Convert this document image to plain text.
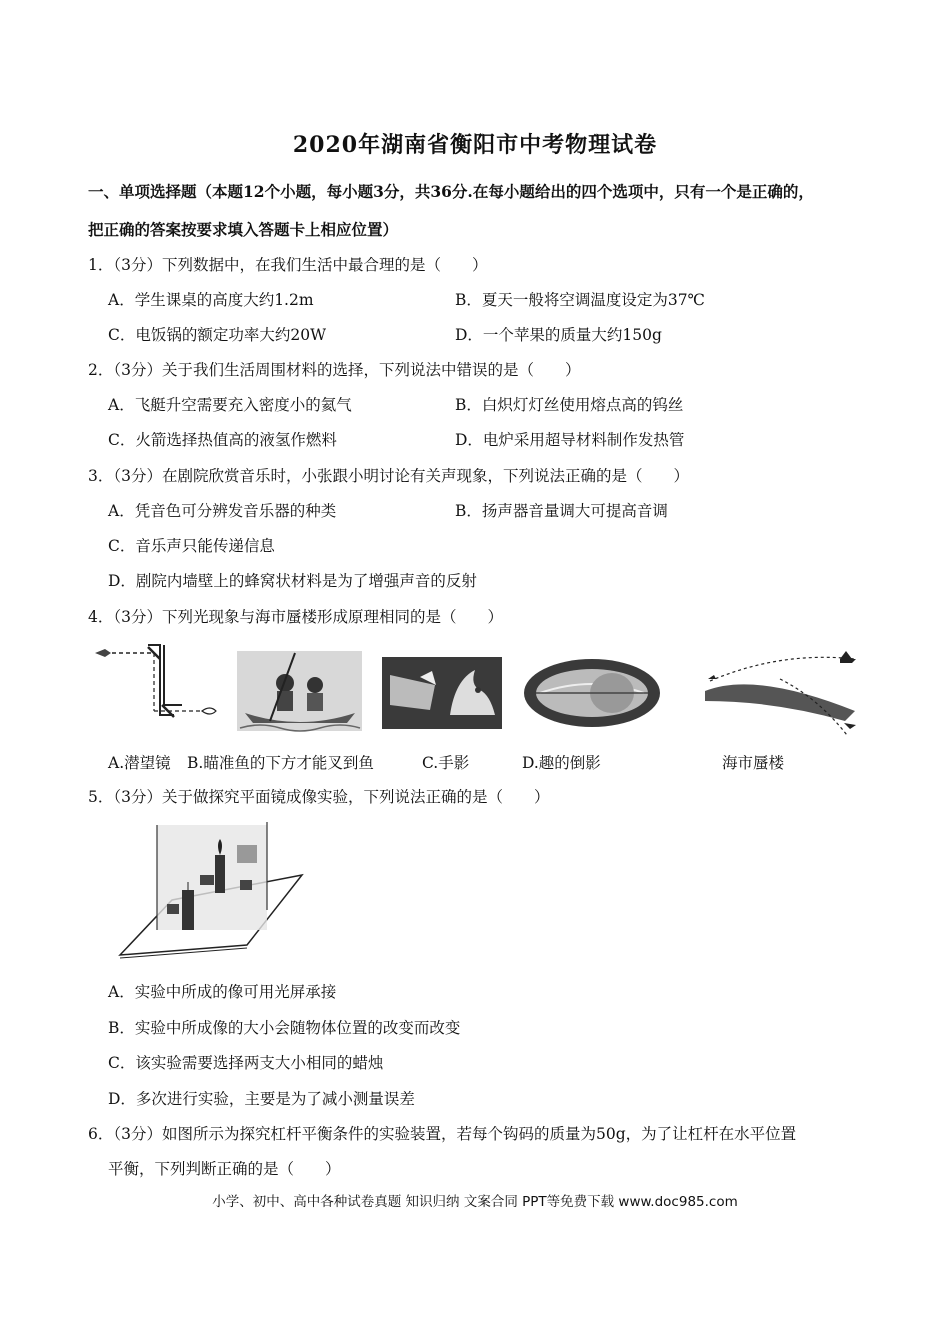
2020年湖南省衡阳市中考物理试卷
一、单项选择题（本题12个小题，每小题3分，共36分.在每小题给出的四个选项中，只有一个是正确的，
把正确的答案按要求填入答题卡上相应位置）
1．（3分）下列数据中，在我们生活中最合理的是（　　）
A．学生课桌的高度大约1.2m	B．夏天一般将空调温度设定为37℃
C．电饭锅的额定功率大约20W	D．一个苹果的质量大约150g
2．（3分）关于我们生活周围材料的选择，下列说法中错误的是（　　）
A．飞艇升空需要充入密度小的氦气	B．白炽灯灯丝使用熔点高的钨丝
C．火箭选择热值高的液氢作燃料	D．电炉采用超导材料制作发热管
3．（3分）在剧院欣赏音乐时，小张跟小明讨论有关声现象，下列说法正确的是（　　）
A．凭音色可分辨发音乐器的种类	B．扬声器音量调大可提高音调
C．音乐声只能传递信息
D．剧院内墙壁上的蜂窝状材料是为了增强声音的反射
4．（3分）下列光现象与海市蜃楼形成原理相同的是（　　）
A.潜望镜 B.瞄准鱼的下方才能叉到鱼	C.手影	D.趣的倒影	海市蜃楼
5．（3分）关于做探究平面镜成像实验，下列说法正确的是（　　）
A．实验中所成的像可用光屏承接
B．实验中所成像的大小会随物体位置的改变而改变
C．该实验需要选择两支大小相同的蜡烛
D．多次进行实验，主要是为了减小测量误差
6．（3分）如图所示为探究杠杆平衡条件的实验装置，若每个钩码的质量为50g，为了让杠杆在水平位置
平衡，下列判断正确的是（　　）
小学、初中、高中各种试卷真题 知识归纳 文案合同 PPT等免费下载 www.doc985.com
